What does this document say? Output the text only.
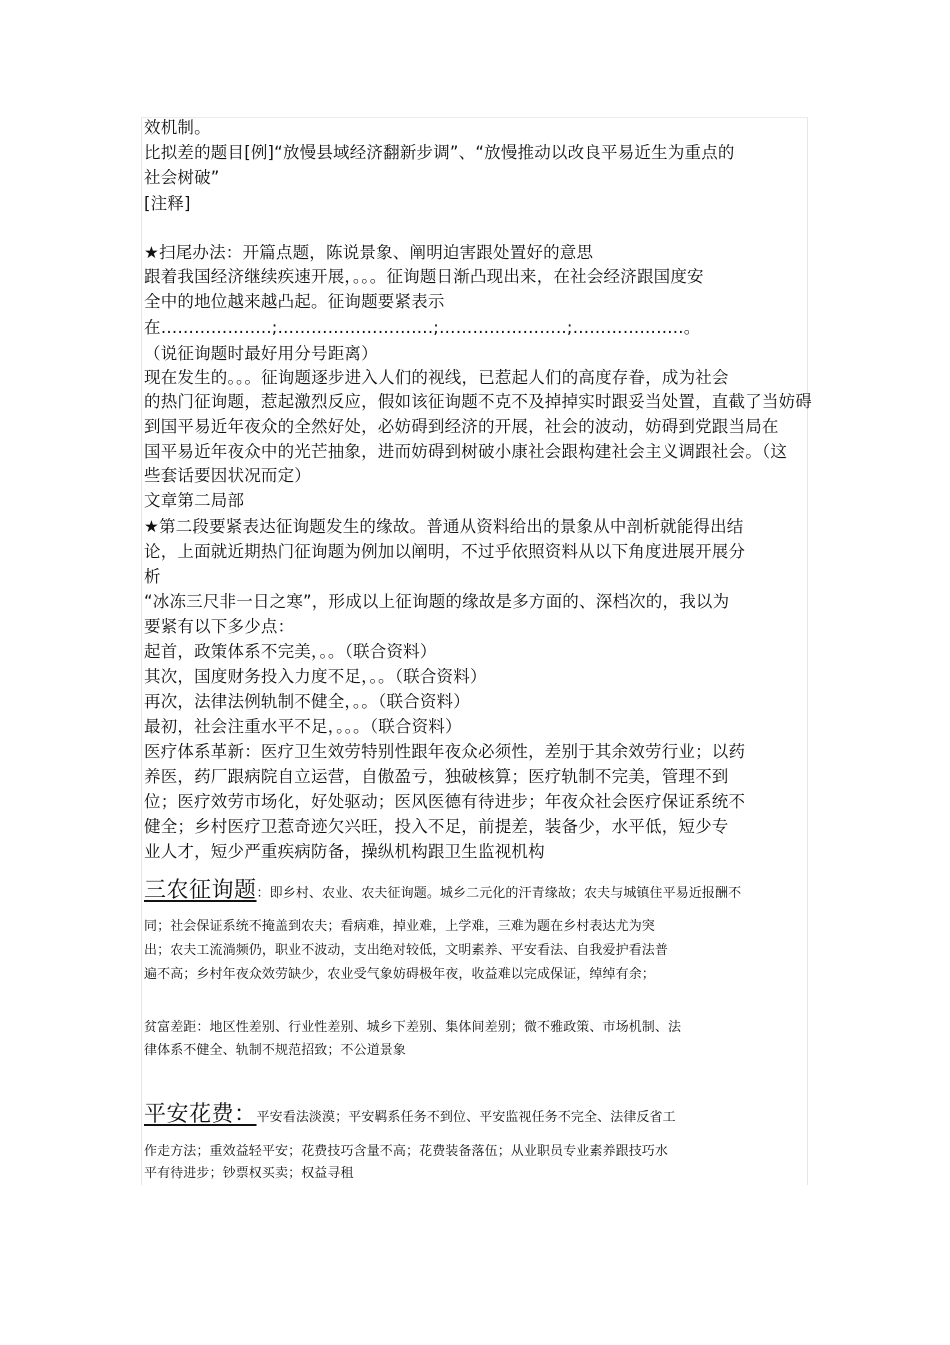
效机制。
比拟差的题目[例]“放慢县域经济翻新步调”、“放慢推动以改良平易近生为重点的
社会树破”
[注释]
★扫尾办法：开篇点题，陈说景象、阐明迫害跟处置好的意思
跟着我国经济继续疾速开展，。。。征询题日渐凸现出来，在社会经济跟国度安
全中的地位越来越凸起。征询题要紧表示
在………………..;……………………….;…………………..;………………..。
（说征询题时最好用分号距离）
现在发生的。。。征询题逐步进入人们的视线，已惹起人们的高度存眷，成为社会
的热门征询题，惹起激烈反应，假如该征询题不克不及掉掉实时跟妥当处置，直截了当妨碍
到国平易近年夜众的全然好处，必妨碍到经济的开展，社会的波动，妨碍到党跟当局在
国平易近年夜众中的光芒抽象，进而妨碍到树破小康社会跟构建社会主义调跟社会。（这
些套话要因状况而定）
文章第二局部
★第二段要紧表达征询题发生的缘故。普通从资料给出的景象从中剖析就能得出结
论，上面就近期热门征询题为例加以阐明，不过乎依照资料从以下角度进展开展分
析
“冰冻三尺非一日之寒”，形成以上征询题的缘故是多方面的、深档次的，我以为
要紧有以下多少点：
起首，政策体系不完美，。。（联合资料）
其次，国度财务投入力度不足，。。（联合资料）
再次，法律法例轨制不健全，。。（联合资料）
最初，社会注重水平不足，。。。（联合资料）
医疗体系革新：医疗卫生效劳特别性跟年夜众必须性，差别于其余效劳行业；以药
养医，药厂跟病院自立运营，自傲盈亏，独破核算；医疗轨制不完美，管理不到
位；医疗效劳市场化，好处驱动；医风医德有待进步；年夜众社会医疗保证系统不
健全；乡村医疗卫惹奇迹欠兴旺，投入不足，前提差，装备少，水平低，短少专
业人才，短少严重疾病防备，操纵机构跟卫生监视机构
三农征询题：即乡村、农业、农夫征询题。城乡二元化的汗青缘故；农夫与城镇住平易近报酬不
同；社会保证系统不掩盖到农夫；看病难，掉业难，上学难，三难为题在乡村表达尤为突
出；农夫工流淌频仍，职业不波动，支出绝对较低，文明素养、平安看法、自我爱护看法普
遍不高；乡村年夜众效劳缺少，农业受气象妨碍极年夜，收益难以完成保证，绰绰有余；
贫富差距：地区性差别、行业性差别、城乡下差别、集体间差别；微不雅政策、市场机制、法
律体系不健全、轨制不规范招致；不公道景象
平安花费：平安看法淡漠；平安羁系任务不到位、平安监视任务不完全、法律反省工
作走方法；重效益轻平安；花费技巧含量不高；花费装备落伍；从业职员专业素养跟技巧水
平有待进步；钞票权买卖；权益寻租
